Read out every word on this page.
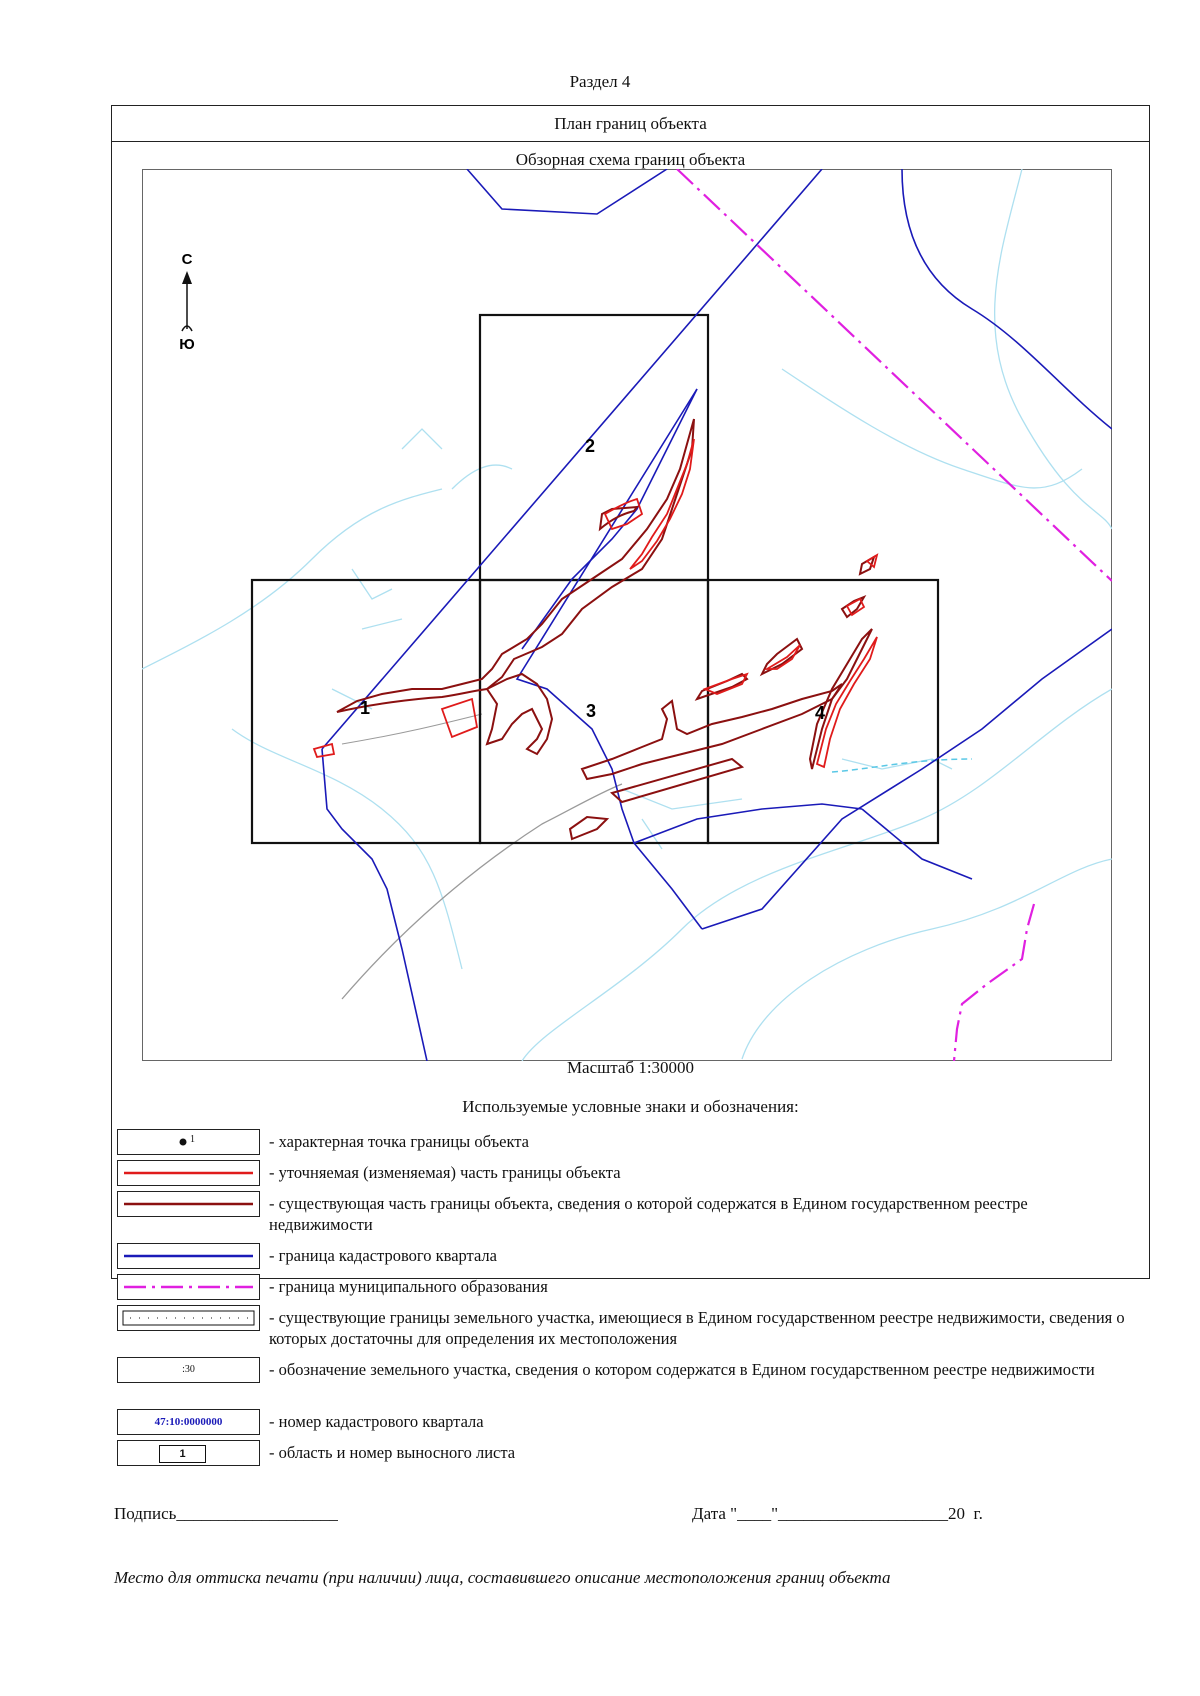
Раздел 4
План границ объекта
Обзорная схема границ объекта
1
2
3	4
С
Ю
Масштаб 1:30000
Используемые условные знаки и обозначения:
1	- характерная точка границы объекта
- уточняемая (изменяемая) часть границы объекта
- существующая часть границы объекта, сведения о которой содержатся в Едином государственном реестре недвижимости
- граница кадастрового квартала
- граница муниципального образования
- существующие границы земельного участка, имеющиеся в Едином государственном реестре недвижимости, сведения о которых достаточны для определения их местоположения
:30	- обозначение земельного участка, сведения о котором содержатся в Едином государственном реестре недвижимости
47:10:0000000	- номер кадастрового квартала
1	- область и номер выносного листа
Подпись___________________	Дата "____"____________________20  г.
Место для оттиска печати (при наличии) лица, составившего описание местоположения границ объекта
